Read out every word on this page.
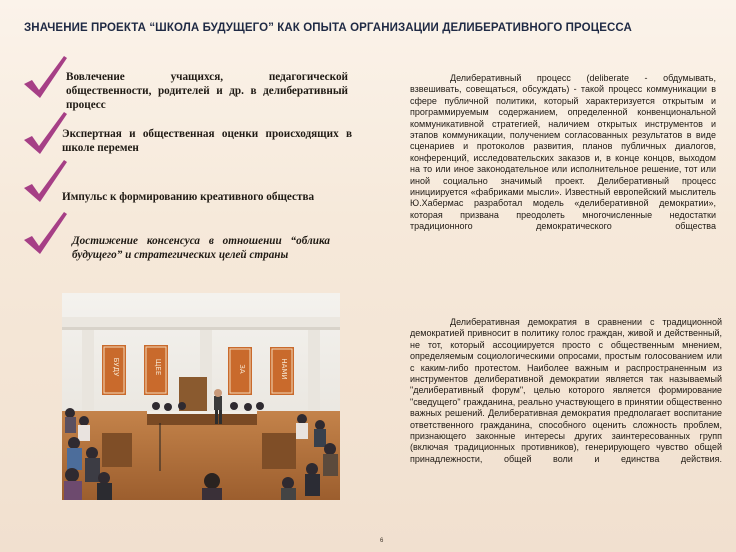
ЗНАЧЕНИЕ ПРОЕКТА “ШКОЛА БУДУЩЕГО” КАК ОПЫТА ОРГАНИЗАЦИИ ДЕЛИБЕРАТИВНОГО ПРОЦЕССА
Вовлечение учащихся, педагогической общественности, родителей и др. в делиберативный процесс
Экспертная и общественная оценки происходящих в школе перемен
Импульс к формированию креативного общества
Достижение консенсуса в отношении “облика будущего” и стратегических целей страны
БУДУ	ЩЕЕ	ЗА	НАМИ
Делиберативный процесс (deliberate - обдумывать, взвешивать, совещаться, обсуждать) - такой процесс коммуникации в сфере публичной политики, который характеризуется открытым и программируемым содержанием, определенной конвенциональной коммуникативной стратегией, наличием открытых инструментов и этапов коммуникации, получением согласованных результатов в виде сценариев и протоколов развития, планов публичных диалогов, конференций, исследовательских заказов и, в конце концов, выходом на то или иное законодательное или исполнительное решение, тот или иной социально значимый проект. Делиберативный процесс инициируется «фабриками мысли». Известный европейский мыслитель Ю.Хабермас разработал модель «делиберативной демократии», которая призвана преодолеть многочисленные недостатки традиционного демократического общества
Делиберативная демократия в сравнении с традиционной демократией привносит в политику голос граждан, живой и действенный, не тот, который ассоциируется просто с общественным мнением, определяемым социологическими опросами, простым голосованием или с каким-либо протестом. Наиболее важным и распространенным из инструментов делиберативной демократии является так называемый "делиберативный форум", целью которого является формирование "сведущего" гражданина, реально участвующего в принятии общественно важных решений. Делиберативная демократия предполагает воспитание ответственного гражданина, способного оценить сложность проблем, признающего законные интересы других заинтересованных групп (включая традиционных противников), генерирующего чувство общей принадлежности, общей воли и единства действия.
6
